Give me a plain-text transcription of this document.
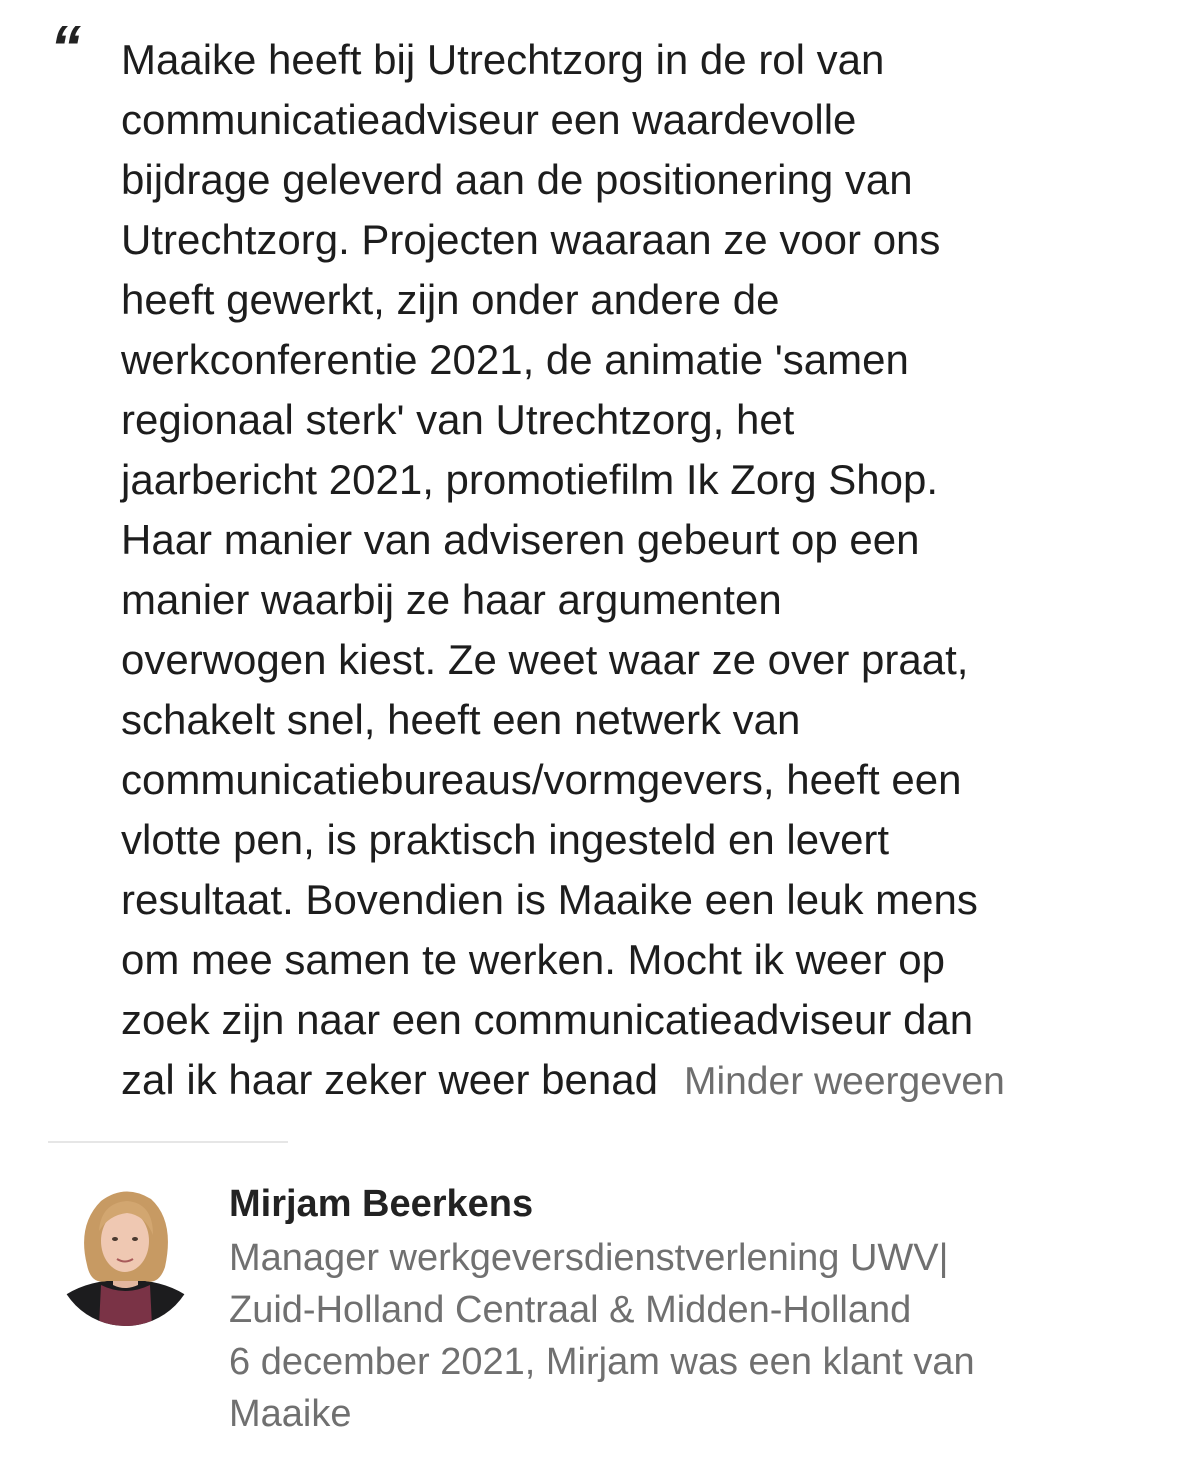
“ Maaike heeft bij Utrechtzorg in de rol van
communicatieadviseur een waardevolle
bijdrage geleverd aan de positionering van
Utrechtzorg. Projecten waaraan ze voor ons
heeft gewerkt, zijn onder andere de
werkconferentie 2021, de animatie 'samen
regionaal sterk' van Utrechtzorg, het
jaarbericht 2021, promotiefilm Ik Zorg Shop.
Haar manier van adviseren gebeurt op een
manier waarbij ze haar argumenten
overwogen kiest. Ze weet waar ze over praat,
schakelt snel, heeft een netwerk van
communicatiebureaus/vormgevers, heeft een
vlotte pen, is praktisch ingesteld en levert
resultaat. Bovendien is Maaike een leuk mens
om mee samen te werken. Mocht ik weer op
zoek zijn naar een communicatieadviseur dan
zal ik haar zeker weer benad Minder weergeven
Mirjam Beerkens
Manager werkgeversdienstverlening UWV|
Zuid-Holland Centraal & Midden-Holland
6 december 2021, Mirjam was een klant van
Maaike
